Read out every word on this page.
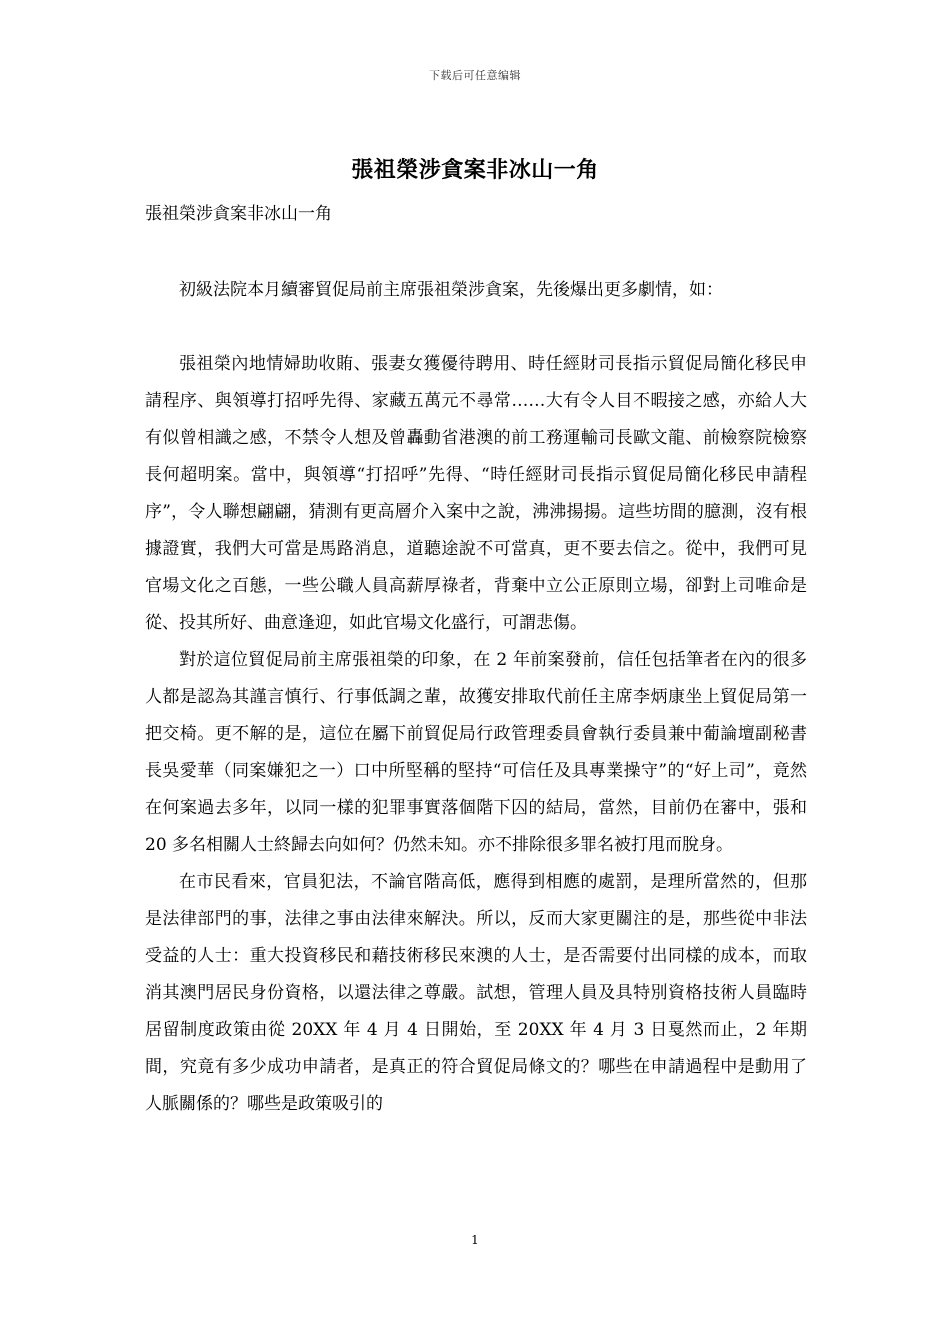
下载后可任意编辑
張祖榮涉貪案非冰山一角
張祖榮涉貪案非冰山一角

初級法院本月續審貿促局前主席張祖榮涉貪案，先後爆出更多劇情，如：

張祖榮內地情婦助收賄、張妻女獲優待聘用、時任經財司長指示貿促局簡化移民申請程序、與領導打招呼先得、家藏五萬元不尋常……大有令人目不暇接之感，亦給人大有似曾相識之感，不禁令人想及曾轟動省港澳的前工務運輸司長歐文龍、前檢察院檢察長何超明案。當中，與領導“打招呼”先得、“時任經財司長指示貿促局簡化移民申請程序”，令人聯想翩翩，猜測有更高層介入案中之說，沸沸揚揚。這些坊間的臆測，沒有根據證實，我們大可當是馬路消息，道聽途說不可當真，更不要去信之。從中，我們可見官場文化之百態，一些公職人員高薪厚祿者，背棄中立公正原則立場，卻對上司唯命是從、投其所好、曲意逢迎，如此官場文化盛行，可謂悲傷。

對於這位貿促局前主席張祖榮的印象，在 2 年前案發前，信任包括筆者在內的很多人都是認為其謹言慎行、行事低調之輩，故獲安排取代前任主席李炳康坐上貿促局第一把交椅。更不解的是，這位在屬下前貿促局行政管理委員會執行委員兼中葡論壇副秘書長吳愛華（同案嫌犯之一）口中所堅稱的堅持“可信任及具專業操守”的“好上司”，竟然在何案過去多年，以同一樣的犯罪事實落個階下囚的結局，當然，目前仍在審中，張和 20 多名相關人士終歸去向如何？仍然未知。亦不排除很多罪名被打甩而脫身。

在市民看來，官員犯法，不論官階高低，應得到相應的處罰，是理所當然的，但那是法律部門的事，法律之事由法律來解決。所以，反而大家更關注的是，那些從中非法受益的人士：重大投資移民和藉技術移民來澳的人士，是否需要付出同樣的成本，而取消其澳門居民身份資格，以還法律之尊嚴。試想，管理人員及具特別資格技術人員臨時居留制度政策由從 20XX 年 4 月 4 日開始，至 20XX 年 4 月 3 日戛然而止，2 年期間，究竟有多少成功申請者，是真正的符合貿促局條文的？哪些在申請過程中是動用了人脈關係的？哪些是政策吸引的

1
